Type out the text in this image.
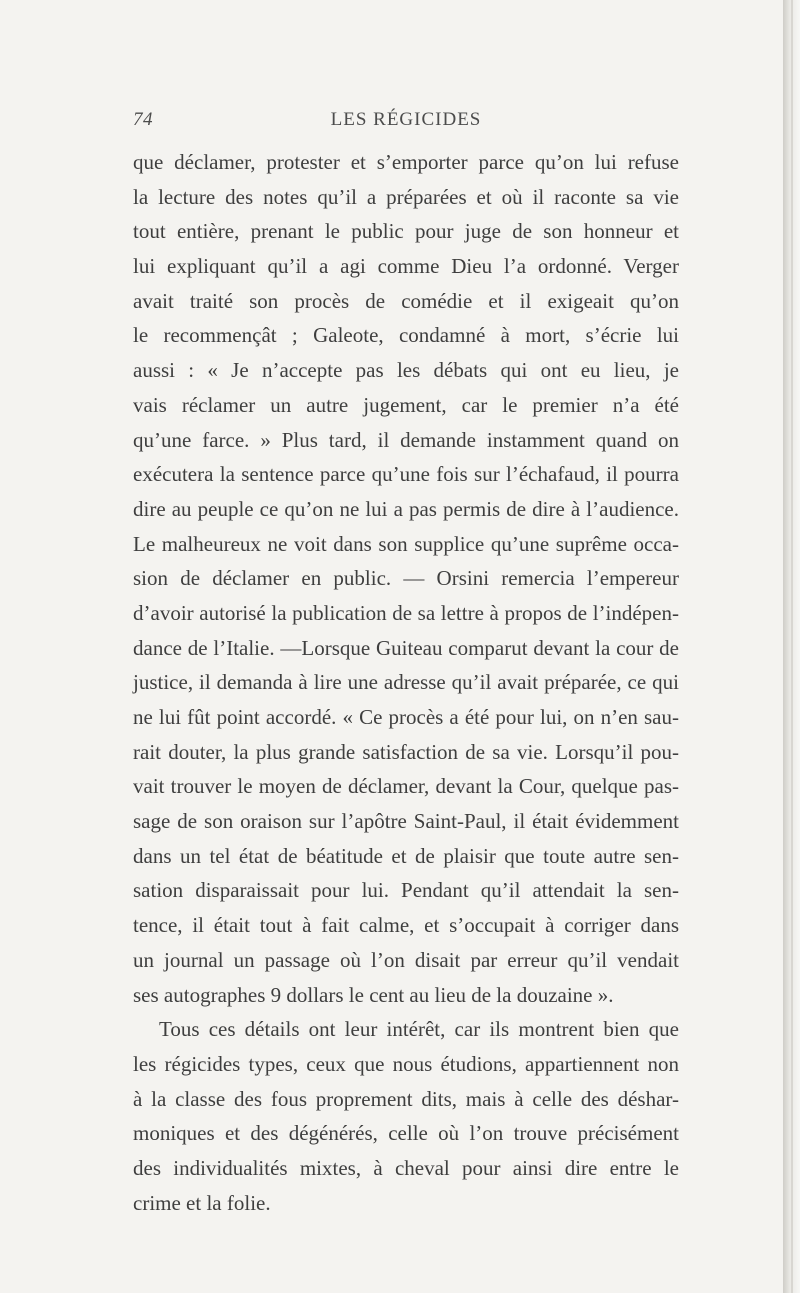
74	LES RÉGICIDES
que déclamer, protester et s’emporter parce qu’on lui refuse
la lecture des notes qu’il a préparées et où il raconte sa vie
tout entière, prenant le public pour juge de son honneur et
lui expliquant qu’il a agi comme Dieu l’a ordonné. Verger
avait traité son procès de comédie et il exigeait qu’on
le recommençât ; Galeote, condamné à mort, s’écrie lui
aussi : « Je n’accepte pas les débats qui ont eu lieu, je
vais réclamer un autre jugement, car le premier n’a été
qu’une farce. » Plus tard, il demande instamment quand on
exécutera la sentence parce qu’une fois sur l’échafaud, il pourra
dire au peuple ce qu’on ne lui a pas permis de dire à l’audience.
Le malheureux ne voit dans son supplice qu’une suprême occa-
sion de déclamer en public. — Orsini remercia l’empereur
d’avoir autorisé la publication de sa lettre à propos de l’indépen-
dance de l’Italie. —Lorsque Guiteau comparut devant la cour de
justice, il demanda à lire une adresse qu’il avait préparée, ce qui
ne lui fût point accordé. « Ce procès a été pour lui, on n’en sau-
rait douter, la plus grande satisfaction de sa vie. Lorsqu’il pou-
vait trouver le moyen de déclamer, devant la Cour, quelque pas-
sage de son oraison sur l’apôtre Saint-Paul, il était évidemment
dans un tel état de béatitude et de plaisir que toute autre sen-
sation disparaissait pour lui. Pendant qu’il attendait la sen-
tence, il était tout à fait calme, et s’occupait à corriger dans
un journal un passage où l’on disait par erreur qu’il vendait
ses autographes 9 dollars le cent au lieu de la douzaine ».
Tous ces détails ont leur intérêt, car ils montrent bien que
les régicides types, ceux que nous étudions, appartiennent non
à la classe des fous proprement dits, mais à celle des déshar-
moniques et des dégénérés, celle où l’on trouve précisément
des individualités mixtes, à cheval pour ainsi dire entre le
crime et la folie.
